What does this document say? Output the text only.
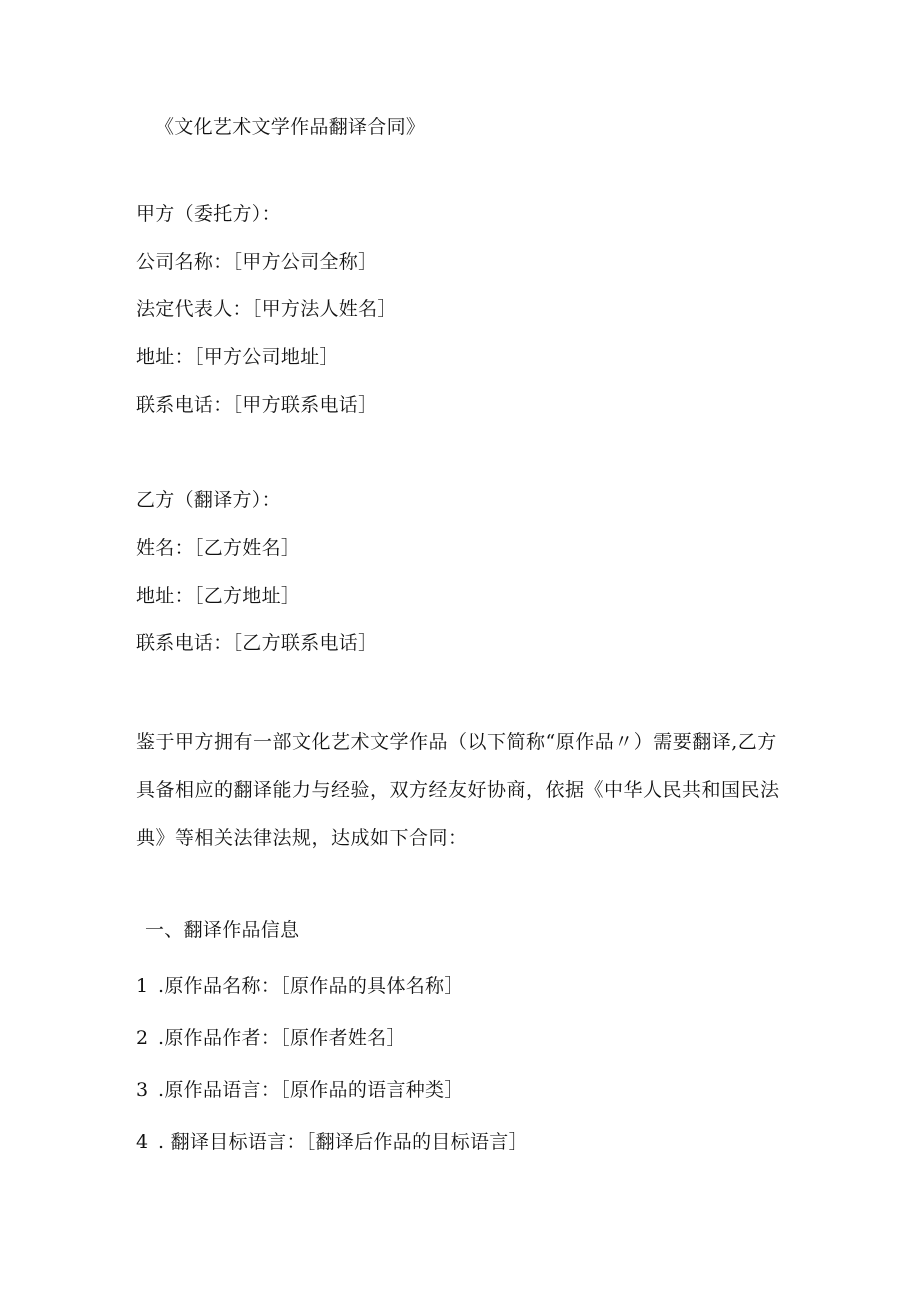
《文化艺术文学作品翻译合同》
甲方（委托方）：
公司名称：［甲方公司全称］
法定代表人：［甲方法人姓名］
地址：［甲方公司地址］
联系电话：［甲方联系电话］
乙方（翻译方）：
姓名：［乙方姓名］
地址：［乙方地址］
联系电话：［乙方联系电话］
鉴于甲方拥有一部文化艺术文学作品（以下简称“原作品〃）需要翻译,乙方具备相应的翻译能力与经验，双方经友好协商，依据《中华人民共和国民法典》等相关法律法规，达成如下合同：
一、翻译作品信息
1 .原作品名称：［原作品的具体名称］
2 .原作品作者：［原作者姓名］
3 .原作品语言：［原作品的语言种类］
4 . 翻译目标语言：［翻译后作品的目标语言］
